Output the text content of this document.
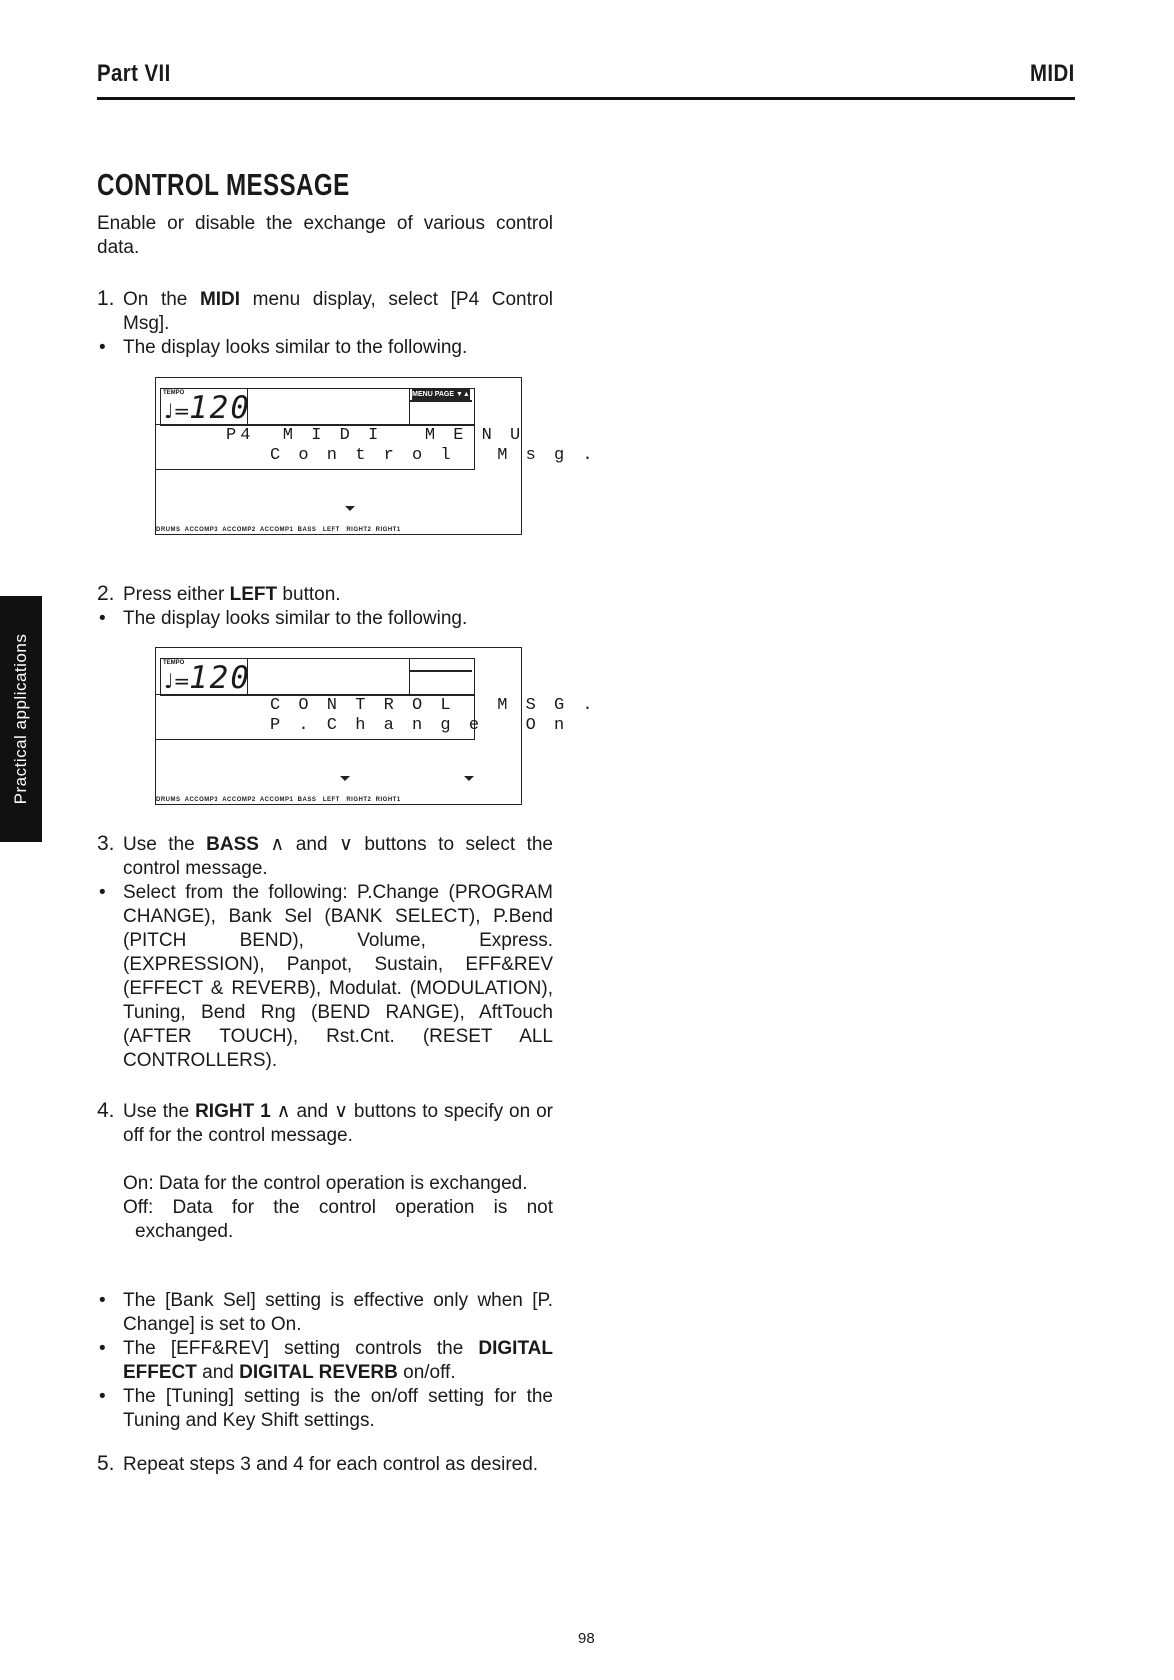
Part VII	MIDI
CONTROL MESSAGE

Enable or disable the exchange of various control data.

1. On the MIDI menu display, select [P4 Control Msg].

• The display looks similar to the following.

TEMPO
♩=
120	MENU PAGE ▼▲
P4  M I D I   M E N U
C o n t r o l   M s g .
DRUMS  ACCOMP3  ACCOMP2  ACCOMP1  BASS   LEFT   RIGHT2  RIGHT1

2. Press either LEFT button.

• The display looks similar to the following.

TEMPO
♩=
120
C O N T R O L   M S G .
P . C h a n g e   O n
DRUMS  ACCOMP3  ACCOMP2  ACCOMP1  BASS   LEFT   RIGHT2  RIGHT1

3. Use the BASS ∧ and ∨ buttons to select the control message.

• Select from the following: P.Change (PROGRAM CHANGE), Bank Sel (BANK SELECT), P.Bend (PITCH BEND), Volume, Express. (EXPRESSION), Panpot, Sustain, EFF&REV (EFFECT & REVERB), Modulat. (MODULATION), Tuning, Bend Rng (BEND RANGE), AftTouch (AFTER TOUCH), Rst.Cnt. (RESET ALL CONTROLLERS).

4. Use the RIGHT 1 ∧ and ∨ buttons to specify on or off for the control message.

On: Data for the control operation is exchanged.

Off: Data for the control operation is not exchanged.

• The [Bank Sel] setting is effective only when [P. Change] is set to On.

• The [EFF&REV] setting controls the DIGITAL EFFECT and DIGITAL REVERB on/off.

• The [Tuning] setting is the on/off setting for the Tuning and Key Shift settings.

5. Repeat steps 3 and 4 for each control as desired.

Practical applications
98
